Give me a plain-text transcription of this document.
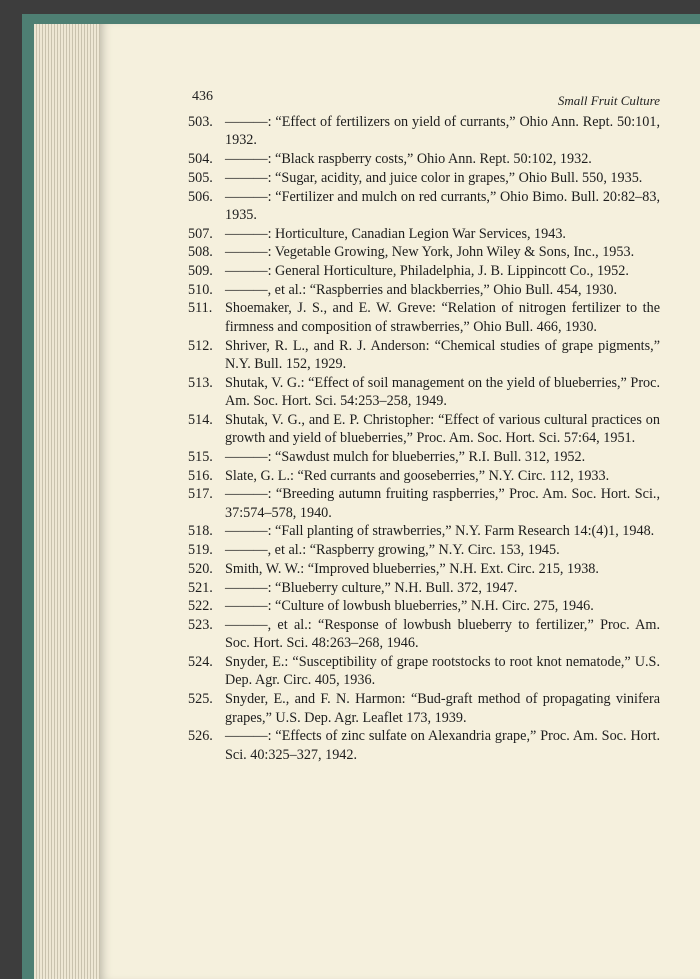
436	Small Fruit Culture
503. ———: “Effect of fertilizers on yield of currants,” Ohio Ann. Rept. 50:101, 1932.
504. ———: “Black raspberry costs,” Ohio Ann. Rept. 50:102, 1932.
505. ———: “Sugar, acidity, and juice color in grapes,” Ohio Bull. 550, 1935.
506. ———: “Fertilizer and mulch on red currants,” Ohio Bimo. Bull. 20:82–83, 1935.
507. ———: Horticulture, Canadian Legion War Services, 1943.
508. ———: Vegetable Growing, New York, John Wiley & Sons, Inc., 1953.
509. ———: General Horticulture, Philadelphia, J. B. Lippincott Co., 1952.
510. ———, et al.: “Raspberries and blackberries,” Ohio Bull. 454, 1930.
511. Shoemaker, J. S., and E. W. Greve: “Relation of nitrogen fertilizer to the firmness and composition of strawberries,” Ohio Bull. 466, 1930.
512. Shriver, R. L., and R. J. Anderson: “Chemical studies of grape pigments,” N.Y. Bull. 152, 1929.
513. Shutak, V. G.: “Effect of soil management on the yield of blueberries,” Proc. Am. Soc. Hort. Sci. 54:253–258, 1949.
514. Shutak, V. G., and E. P. Christopher: “Effect of various cultural practices on growth and yield of blueberries,” Proc. Am. Soc. Hort. Sci. 57:64, 1951.
515. ———: “Sawdust mulch for blueberries,” R.I. Bull. 312, 1952.
516. Slate, G. L.: “Red currants and gooseberries,” N.Y. Circ. 112, 1933.
517. ———: “Breeding autumn fruiting raspberries,” Proc. Am. Soc. Hort. Sci., 37:574–578, 1940.
518. ———: “Fall planting of strawberries,” N.Y. Farm Research 14:(4)1, 1948.
519. ———, et al.: “Raspberry growing,” N.Y. Circ. 153, 1945.
520. Smith, W. W.: “Improved blueberries,” N.H. Ext. Circ. 215, 1938.
521. ———: “Blueberry culture,” N.H. Bull. 372, 1947.
522. ———: “Culture of lowbush blueberries,” N.H. Circ. 275, 1946.
523. ———, et al.: “Response of lowbush blueberry to fertilizer,” Proc. Am. Soc. Hort. Sci. 48:263–268, 1946.
524. Snyder, E.: “Susceptibility of grape rootstocks to root knot nematode,” U.S. Dep. Agr. Circ. 405, 1936.
525. Snyder, E., and F. N. Harmon: “Bud-graft method of propagating vinifera grapes,” U.S. Dep. Agr. Leaflet 173, 1939.
526. ———: “Effects of zinc sulfate on Alexandria grape,” Proc. Am. Soc. Hort. Sci. 40:325–327, 1942.
